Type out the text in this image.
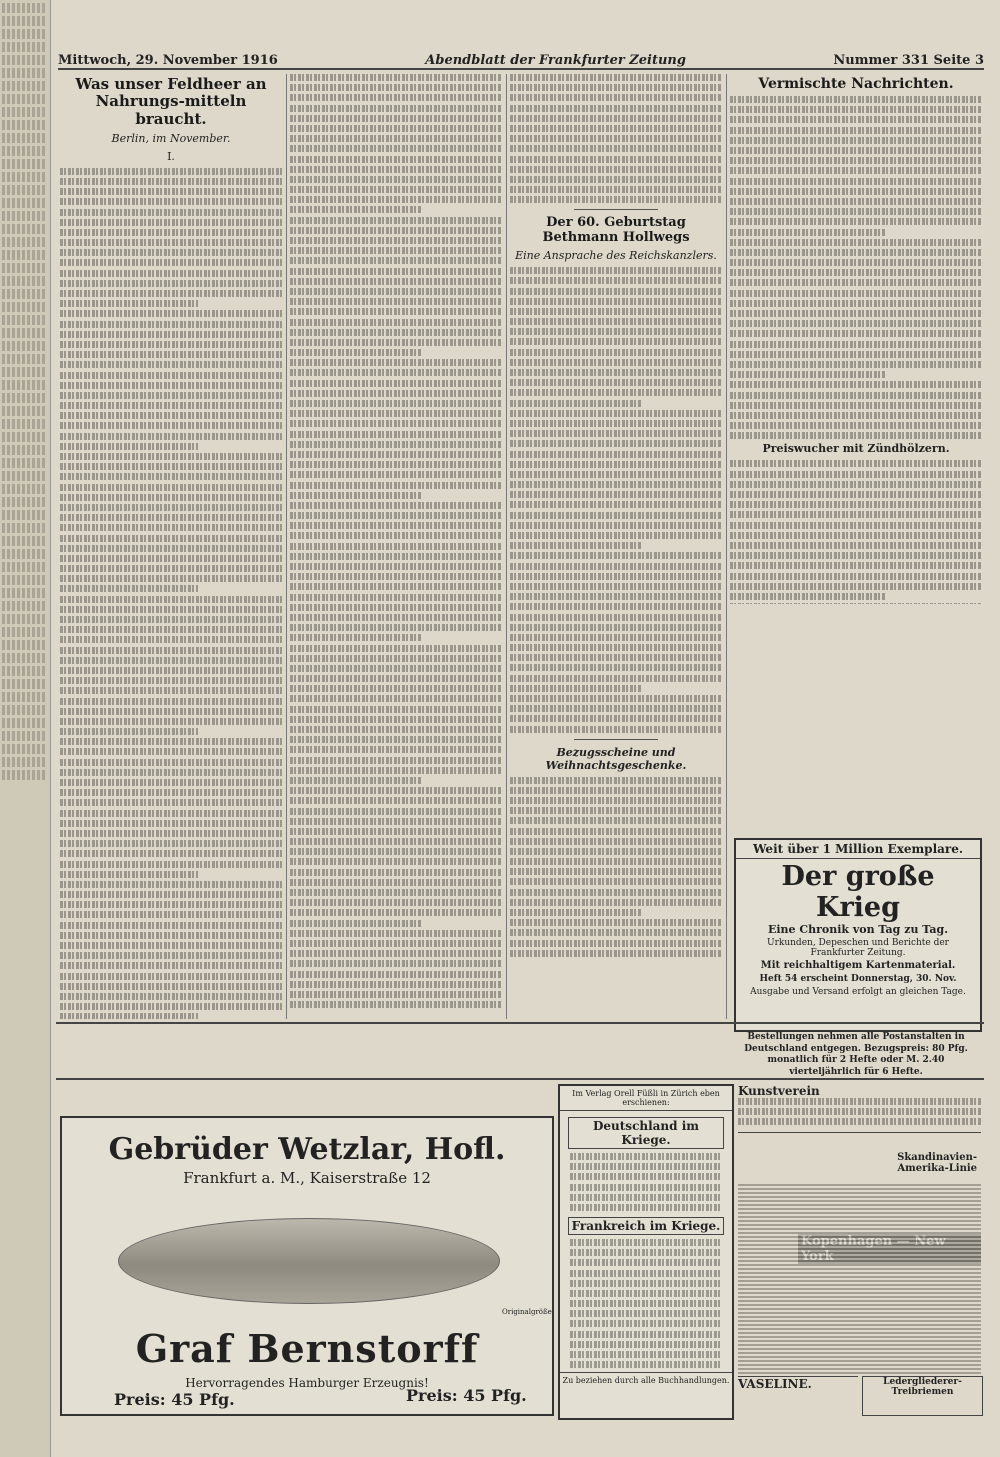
Mittwoch, 29. November 1916	Abendblatt der Frankfurter Zeitung	Nummer 331 Seite 3
Was unser Feldheer an Nahrungs-mitteln braucht.
Berlin, im November.
I.
Der 60. Geburtstag Bethmann Hollwegs
Eine Ansprache des Reichskanzlers.
Bezugsscheine und Weihnachtsgeschenke.
Vermischte Nachrichten.
Preiswucher mit Zündhölzern.
Weit über 1 Million Exemplare.
Der große Krieg
Eine Chronik von Tag zu Tag.
Urkunden, Depeschen und Berichte der Frankfurter Zeitung.
Mit reichhaltigem Kartenmaterial.
Heft 54 erscheint Donnerstag, 30. Nov.
Ausgabe und Versand erfolgt an gleichen Tage.
Bestellungen nehmen alle Postanstalten in Deutschland entgegen. Bezugspreis: 80 Pfg. monatlich für 2 Hefte oder M. 2.40 vierteljährlich für 6 Hefte.
Gebrüder Wetzlar, Hofl.
Frankfurt a. M., Kaiserstraße 12
Originalgröße
Graf Bernstorff
Hervorragendes Hamburger Erzeugnis!
Preis: 45 Pfg.	Preis: 45 Pfg.
Im Verlag Orell Füßli in Zürich eben erschienen:
Deutschland im Kriege.
Frankreich im Kriege.
Zu beziehen durch alle Buchhandlungen.
Kunstverein
Skandinavien-Amerika-Linie
VASELINE.	Ledergliederer-Treibriemen
